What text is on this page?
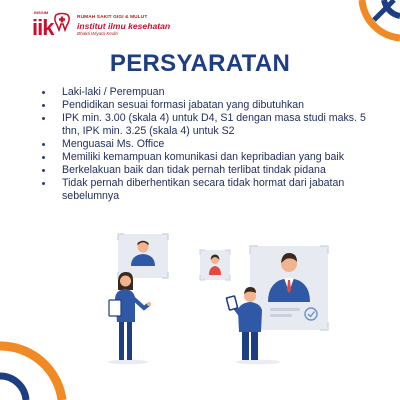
INSGIM
iik	RUMAH SAKIT GIGI & MULUT
institut ilmu kesehatan
Bhakti Wiyata Kediri
PERSYARATAN
Laki-laki / Perempuan
Pendidikan sesuai formasi jabatan yang dibutuhkan
IPK min. 3.00 (skala 4) untuk D4, S1 dengan masa studi maks. 5 thn, IPK min. 3.25 (skala 4) untuk S2
Menguasai Ms. Office
Memiliki kemampuan komunikasi dan kepribadian yang baik
Berkelakuan baik dan tidak pernah terlibat tindak pidana
Tidak pernah diberhentikan secara tidak hormat dari jabatan sebelumnya
